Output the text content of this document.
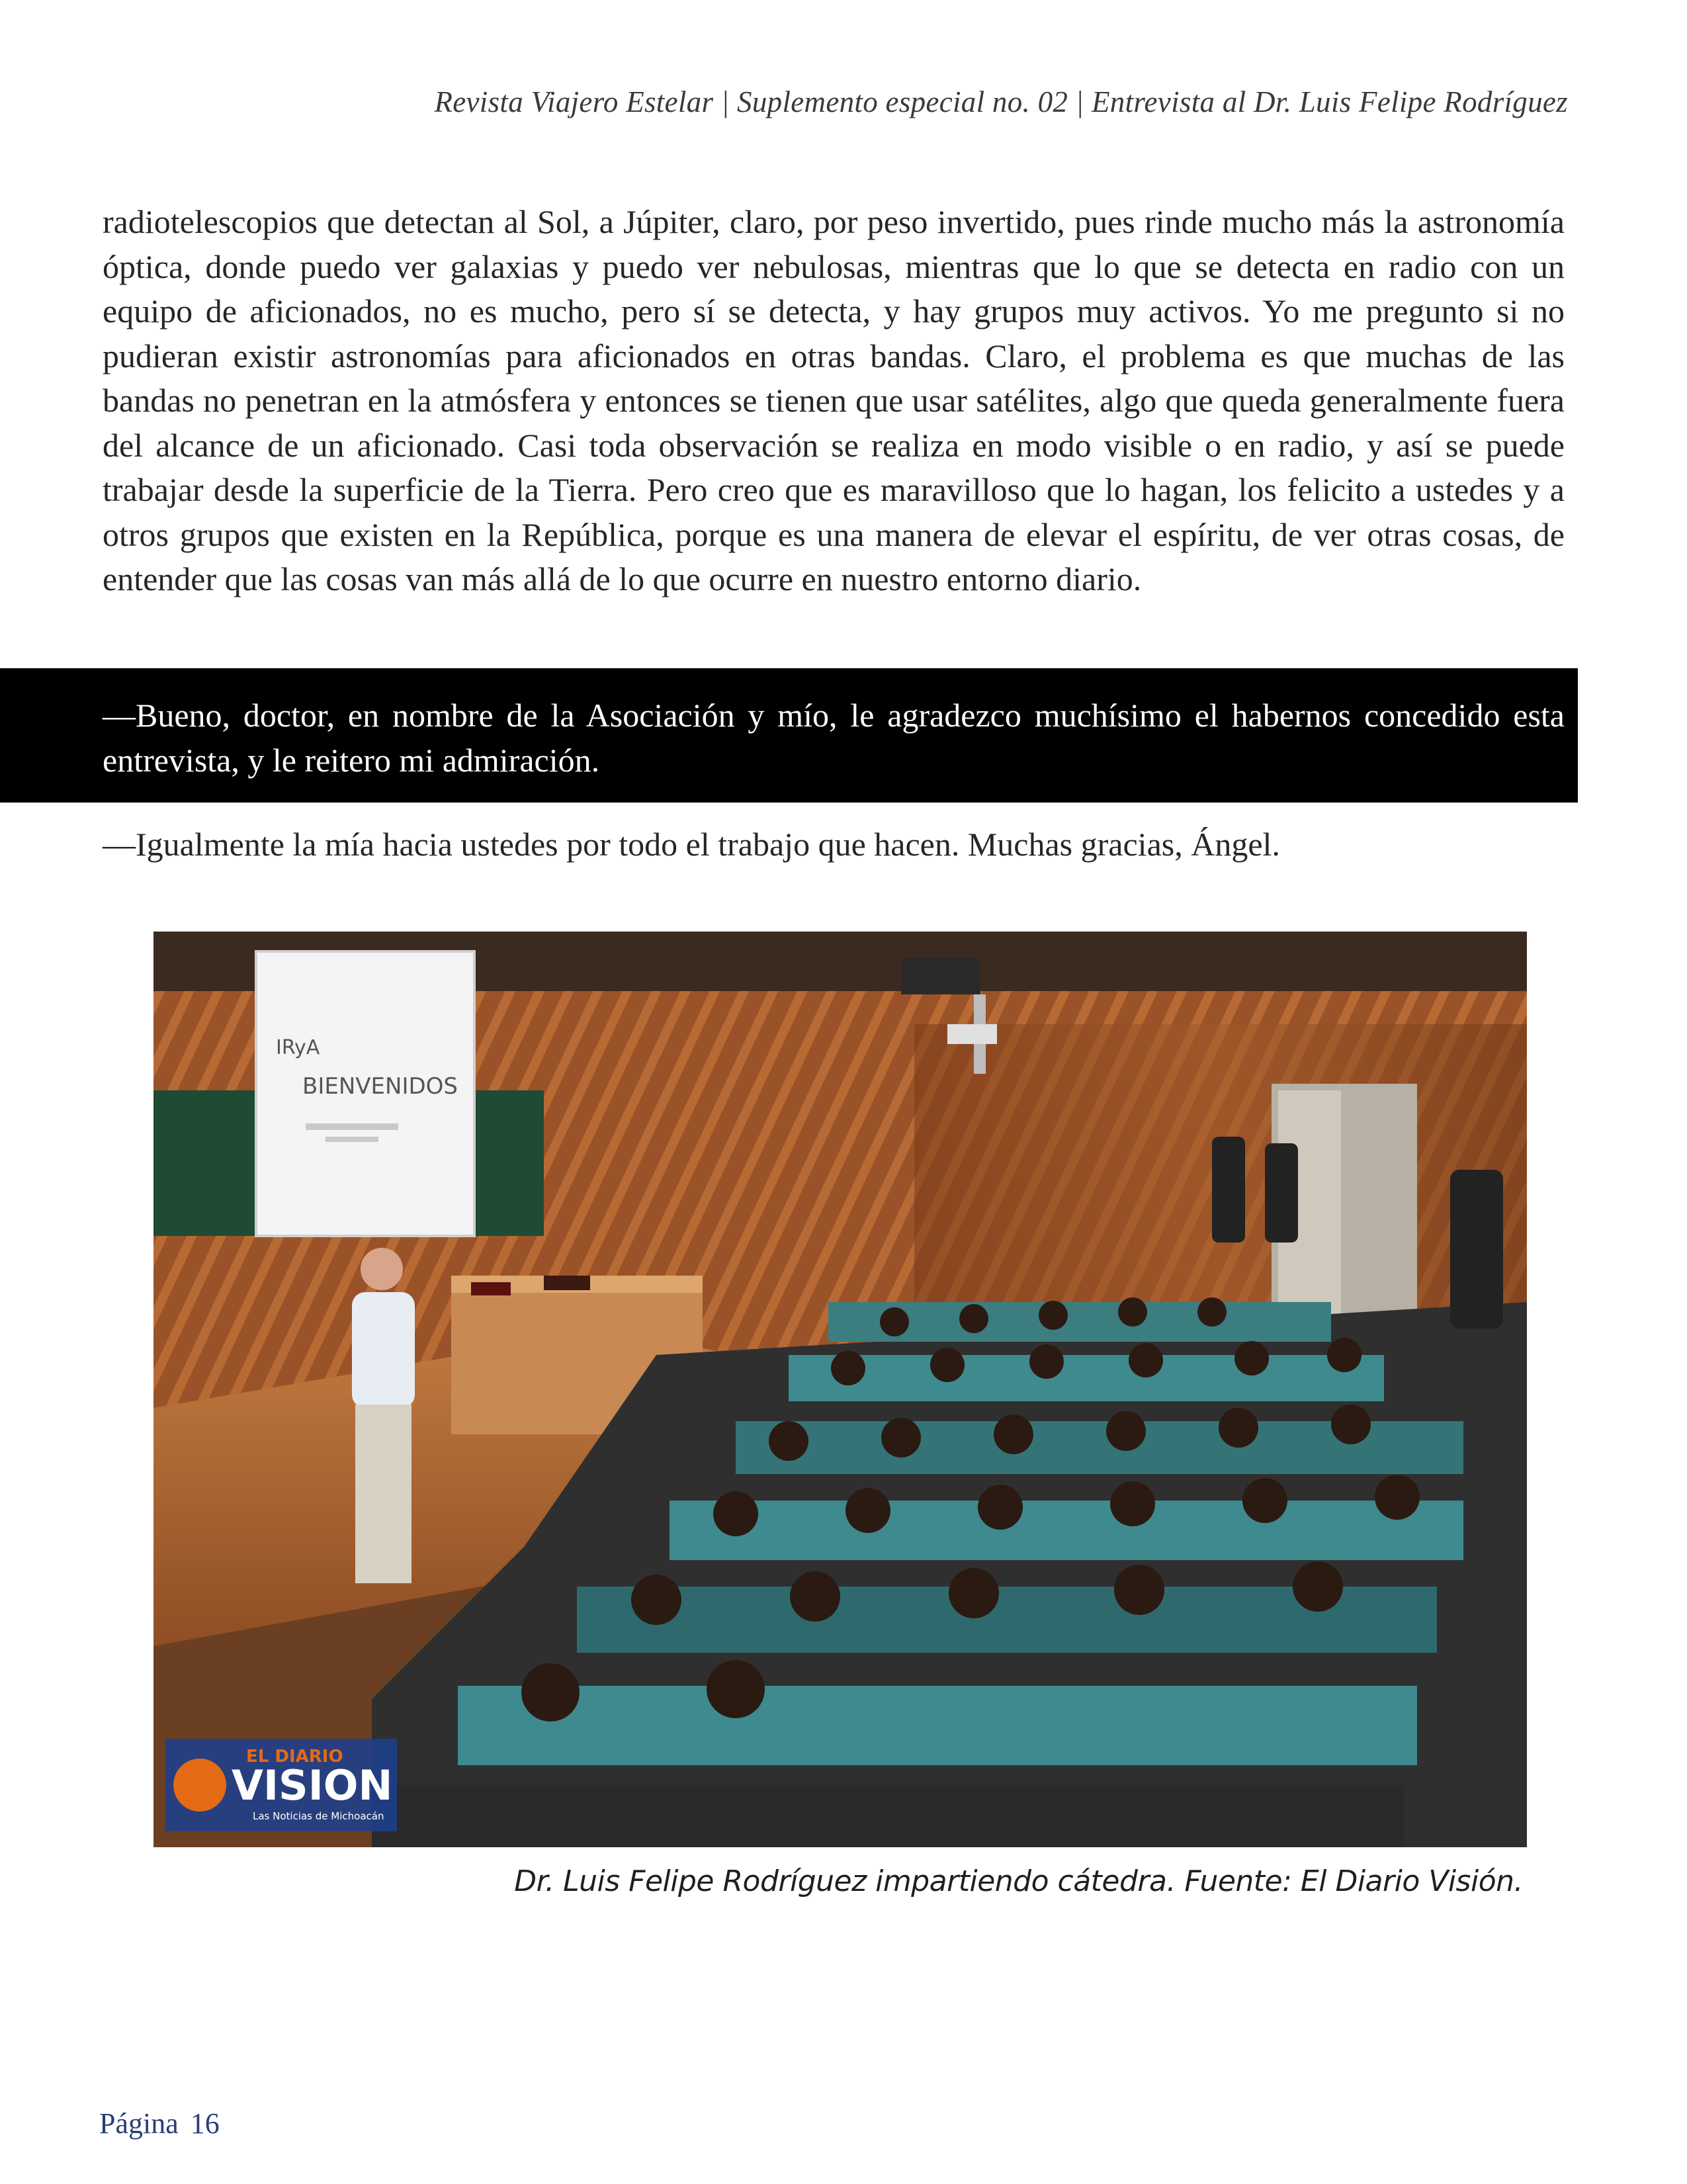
Revista Viajero Estelar | Suplemento especial no. 02 | Entrevista al Dr. Luis Felipe Rodríguez

radiotelescopios que detectan al Sol, a Júpiter, claro, por peso invertido, pues rinde mucho más la astronomía óptica, donde puedo ver galaxias y puedo ver nebulosas, mientras que lo que se detecta en radio con un equipo de aficionados, no es mucho, pero sí se detecta, y hay grupos muy activos. Yo me pregunto si no pudieran existir astronomías para aficionados en otras bandas. Claro, el problema es que muchas de las bandas no penetran en la atmósfera y entonces se tienen que usar satélites, algo que queda generalmente fuera del alcance de un aficionado. Casi toda observación se realiza en modo visible o en radio, y así se puede trabajar desde la superficie de la Tierra. Pero creo que es maravilloso que lo hagan, los felicito a ustedes y a otros grupos que existen en la República, porque es una manera de elevar el espíritu, de ver otras cosas, de entender que las cosas van más allá de lo que ocurre en nuestro entorno diario.

—Bueno, doctor, en nombre de la Asociación y mío, le agradezco muchísimo el habernos concedido esta entrevista, y le reitero mi admiración.

—Igualmente la mía hacia ustedes por todo el trabajo que hacen. Muchas gracias, Ángel.

IRyA
BIENVENIDOS
EL DIARIO
VISION
Las Noticias de Michoacán
Dr. Luis Felipe Rodríguez impartiendo cátedra. Fuente: El Diario Visión.
Página 16
